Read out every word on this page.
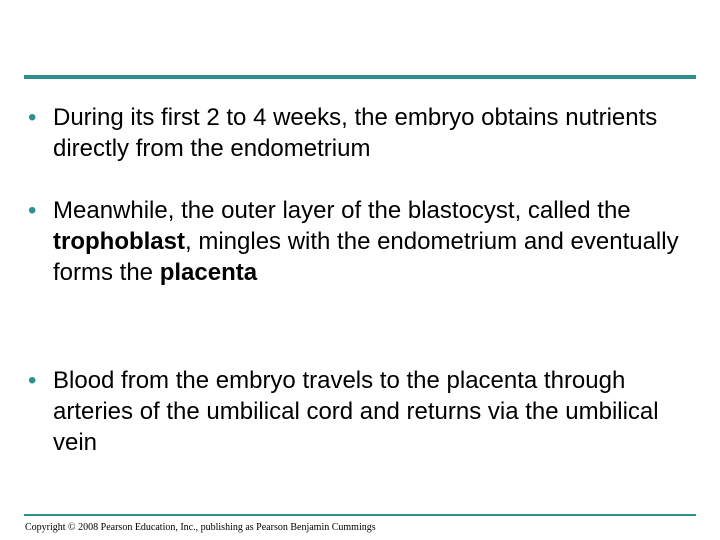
• During its first 2 to 4 weeks, the embryo obtains nutrients directly from the endometrium
• Meanwhile, the outer layer of the blastocyst, called the trophoblast, mingles with the endometrium and eventually forms the placenta
• Blood from the embryo travels to the placenta through arteries of the umbilical cord and returns via the umbilical vein
Copyright © 2008 Pearson Education, Inc., publishing as Pearson Benjamin Cummings
